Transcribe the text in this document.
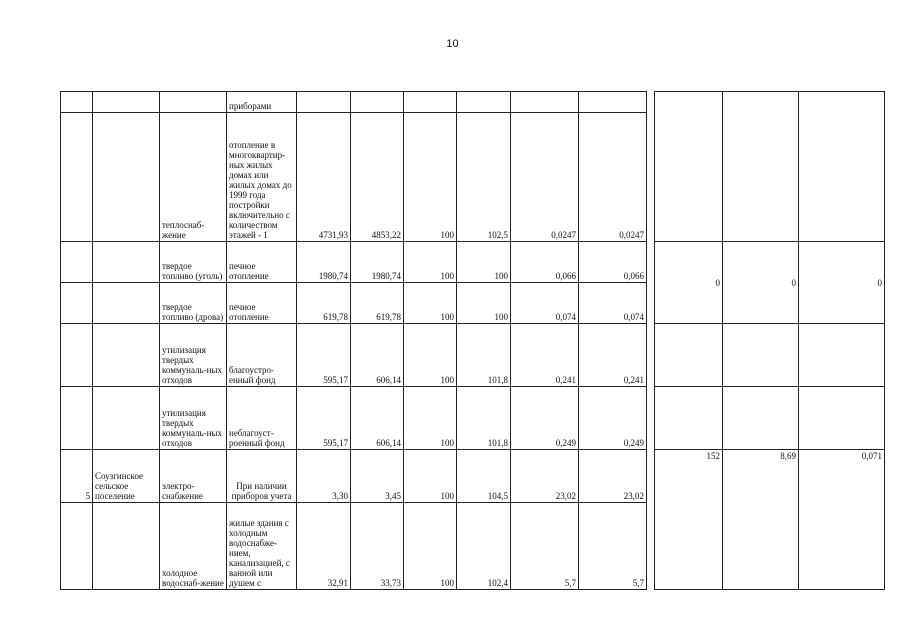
10
			приборами										
		теплоснаб-жение	отопление в многоквартир-ных жилых домах или жилых домах до 1999 года постройки включительно с количеством этажей - 1	4731,93	4853,22	100	102,5	0,0247	0,0247				
		твердое топливо (уголь)	печное отопление	1980,74	1980,74	100	100	0,066	0,066		0	0	0
		твердое топливо (дрова)	печное отопление	619,78	619,78	100	100	0,074	0,074				
		утилизация твердых коммуналь-ных отходов	благоустро-енный фонд	595,17	606,14	100	101,8	0,241	0,241				
		утилизация твердых коммуналь-ных отходов	неблагоуст-роенный фонд	595,17	606,14	100	101,8	0,249	0,249				
5	Соузгинское сельское поселение	электро-снабжение	При наличии приборов учета	3,30	3,45	100	104,5	23,02	23,02		152	8,69	0,071
		холодное водоснаб-жение	жилые здания с холодным водоснабже-нием, канализацией, с ванной или душем с	32,91	33,73	100	102,4	5,7	5,7				
